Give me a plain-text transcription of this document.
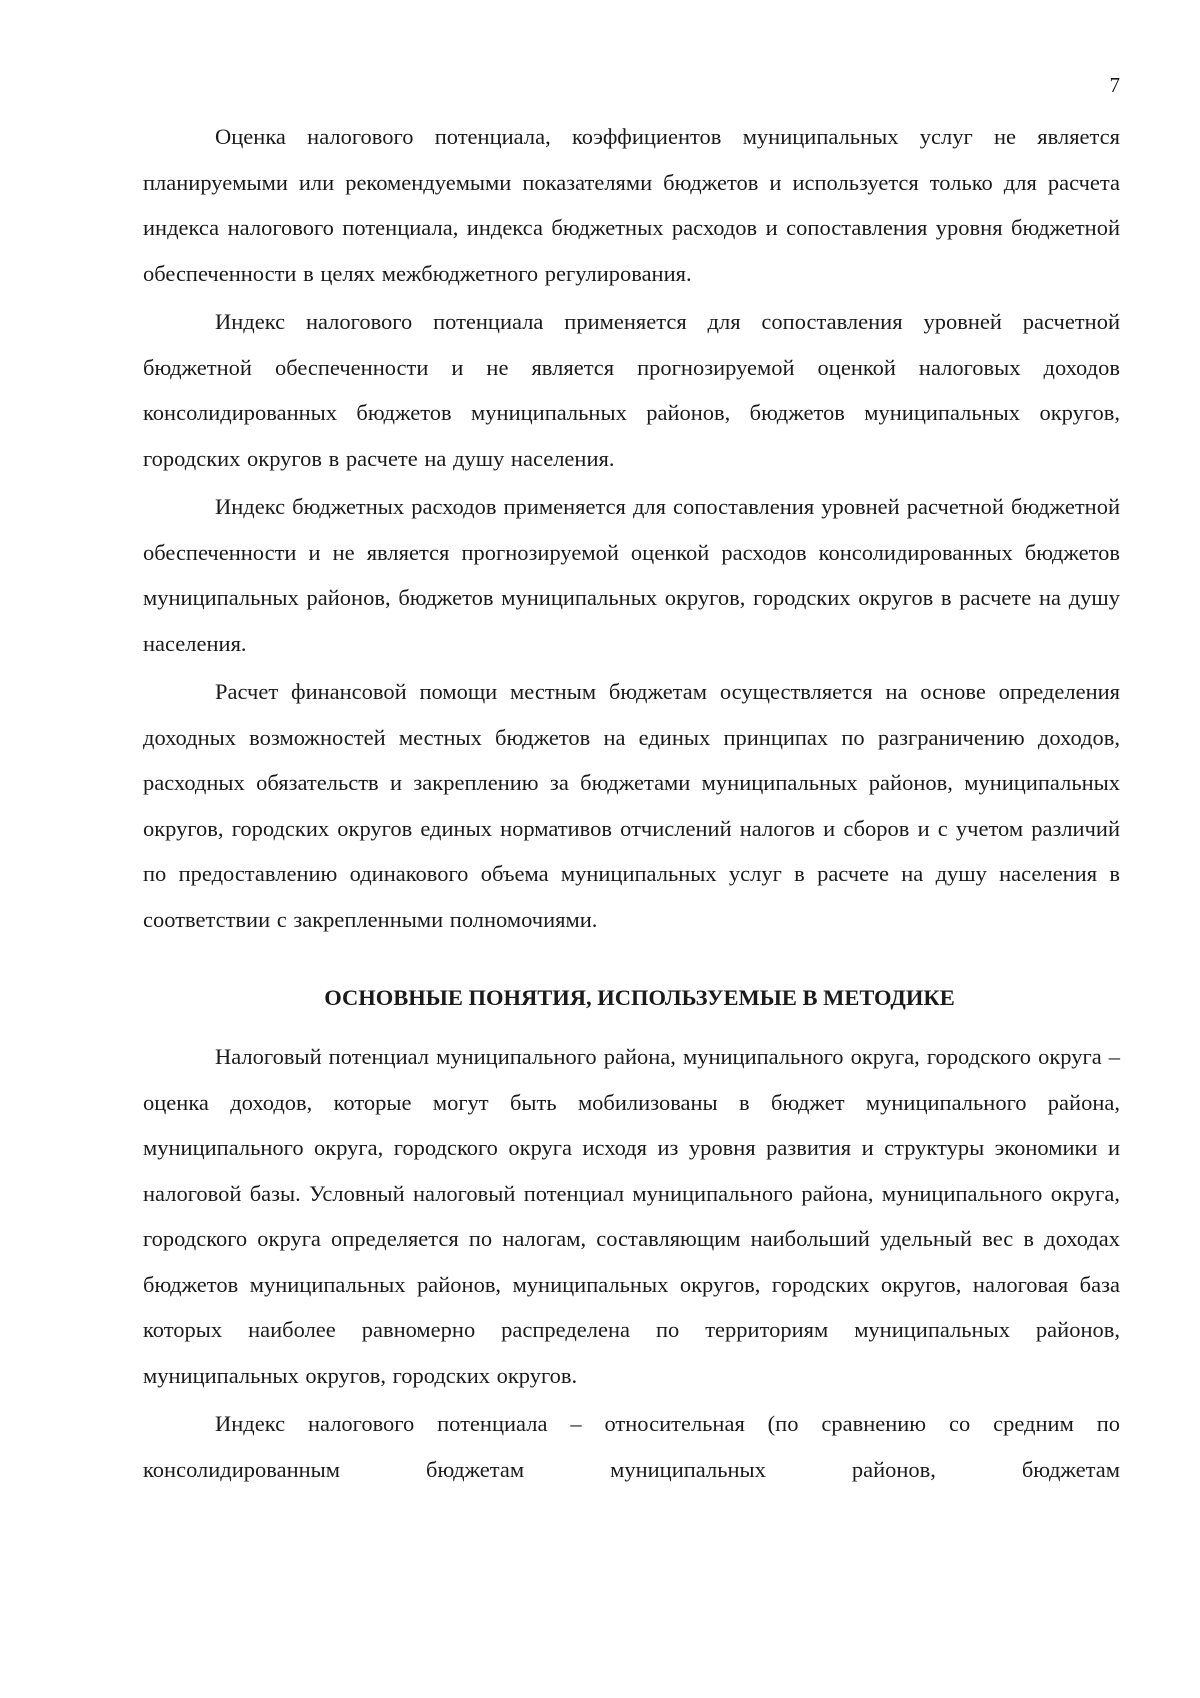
7

Оценка налогового потенциала, коэффициентов муниципальных услуг не является планируемыми или рекомендуемыми показателями бюджетов и используется только для расчета индекса налогового потенциала, индекса бюджетных расходов и сопоставления уровня бюджетной обеспеченности в целях межбюджетного регулирования.

Индекс налогового потенциала применяется для сопоставления уровней расчетной бюджетной обеспеченности и не является прогнозируемой оценкой налоговых доходов консолидированных бюджетов муниципальных районов, бюджетов муниципальных округов, городских округов в расчете на душу населения.

Индекс бюджетных расходов применяется для сопоставления уровней расчетной бюджетной обеспеченности и не является прогнозируемой оценкой расходов консолидированных бюджетов муниципальных районов, бюджетов муниципальных округов, городских округов в расчете на душу населения.

Расчет финансовой помощи местным бюджетам осуществляется на основе определения доходных возможностей местных бюджетов на единых принципах по разграничению доходов, расходных обязательств и закреплению за бюджетами муниципальных районов, муниципальных округов, городских округов единых нормативов отчислений налогов и сборов и с учетом различий по предоставлению одинакового объема муниципальных услуг в расчете на душу населения в соответствии с закрепленными полномочиями.

ОСНОВНЫЕ ПОНЯТИЯ, ИСПОЛЬЗУЕМЫЕ В МЕТОДИКЕ

Налоговый потенциал муниципального района, муниципального округа, городского округа – оценка доходов, которые могут быть мобилизованы в бюджет муниципального района, муниципального округа, городского округа исходя из уровня развития и структуры экономики и налоговой базы. Условный налоговый потенциал муниципального района, муниципального округа, городского округа определяется по налогам, составляющим наибольший удельный вес в доходах бюджетов муниципальных районов, муниципальных округов, городских округов, налоговая база которых наиболее равномерно распределена по территориям муниципальных районов, муниципальных округов, городских округов.

Индекс налогового потенциала – относительная (по сравнению со средним по консолидированным бюджетам муниципальных районов, бюджетам
